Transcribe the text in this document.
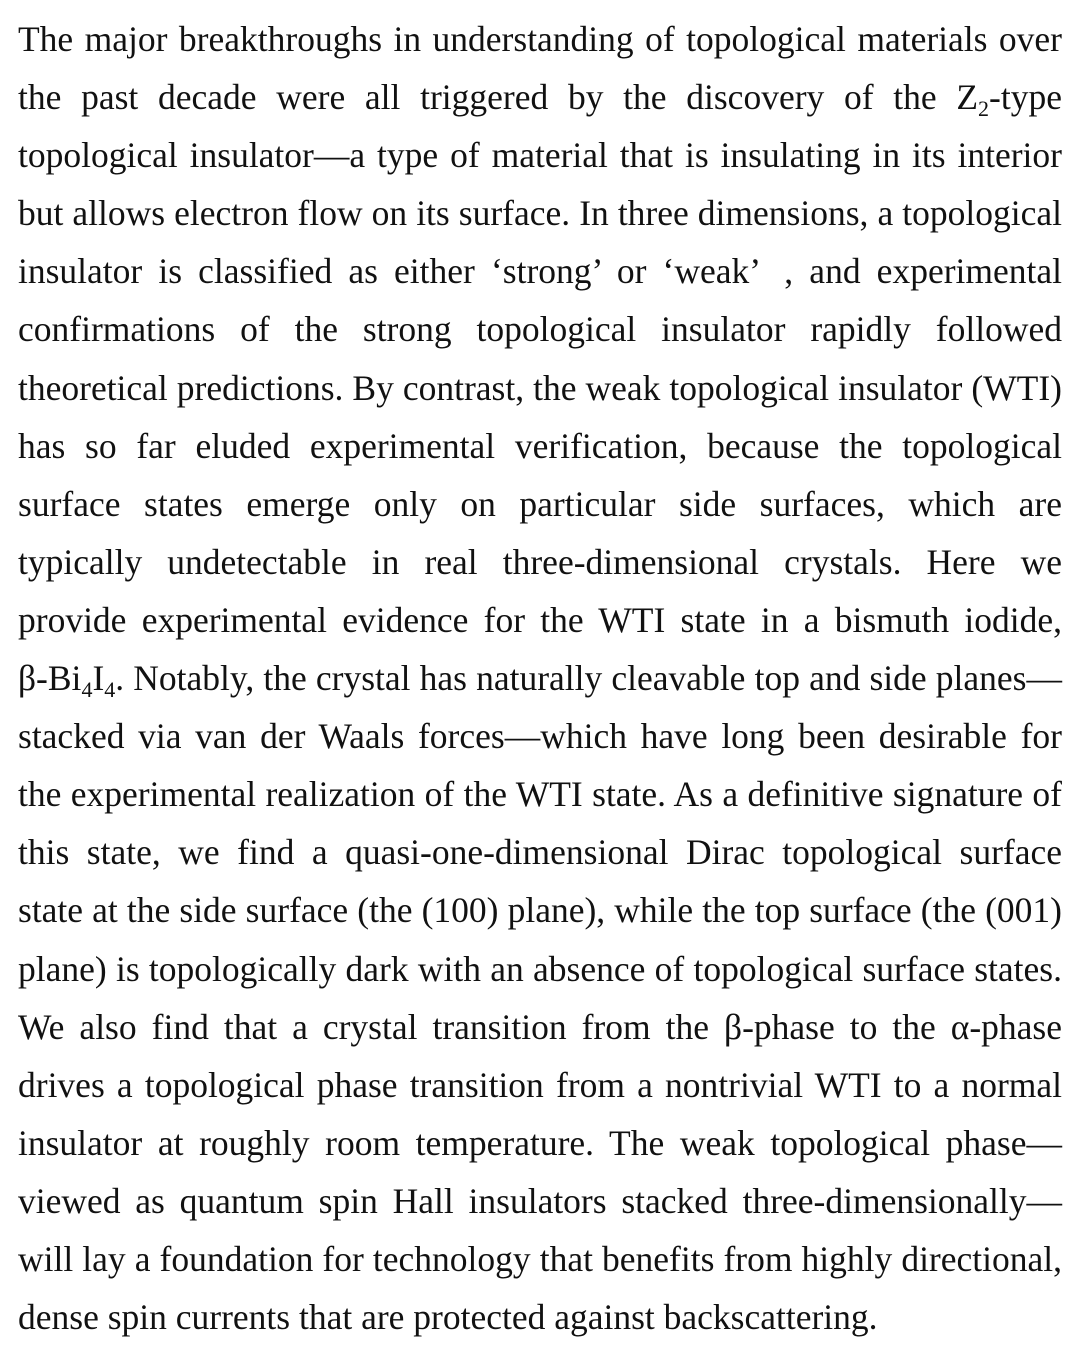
The major breakthroughs in understanding of topological materials over
the past decade were all triggered by the discovery of the $Z_2$-type
topological insulator—a type of material that is insulating in its interior
but allows electron flow on its surface. In three dimensions, a topological
insulator is classified as either ‘strong’ or ‘weak’  , and experimental
confirmations of the strong topological insulator rapidly followed
theoretical predictions. By contrast, the weak topological insulator (WTI)
has so far eluded experimental verification, because the topological
surface states emerge only on particular side surfaces, which are
typically undetectable in real three-dimensional crystals. Here we
provide experimental evidence for the WTI state in a bismuth iodide,
$\beta-Bi_4I_4$. Notably, the crystal has naturally cleavable top and side planes—
stacked via van der Waals forces—which have long been desirable for
the experimental realization of the WTI state. As a definitive signature of
this state, we find a quasi-one-dimensional Dirac topological surface
state at the side surface (the (100) plane), while the top surface (the (001)
plane) is topologically dark with an absence of topological surface states.
We also find that a crystal transition from the β-phase to the α-phase
drives a topological phase transition from a nontrivial WTI to a normal
insulator at roughly room temperature. The weak topological phase—
viewed as quantum spin Hall insulators stacked three-dimensionally—
will lay a foundation for technology that benefits from highly directional,
dense spin currents that are protected against backscattering.
